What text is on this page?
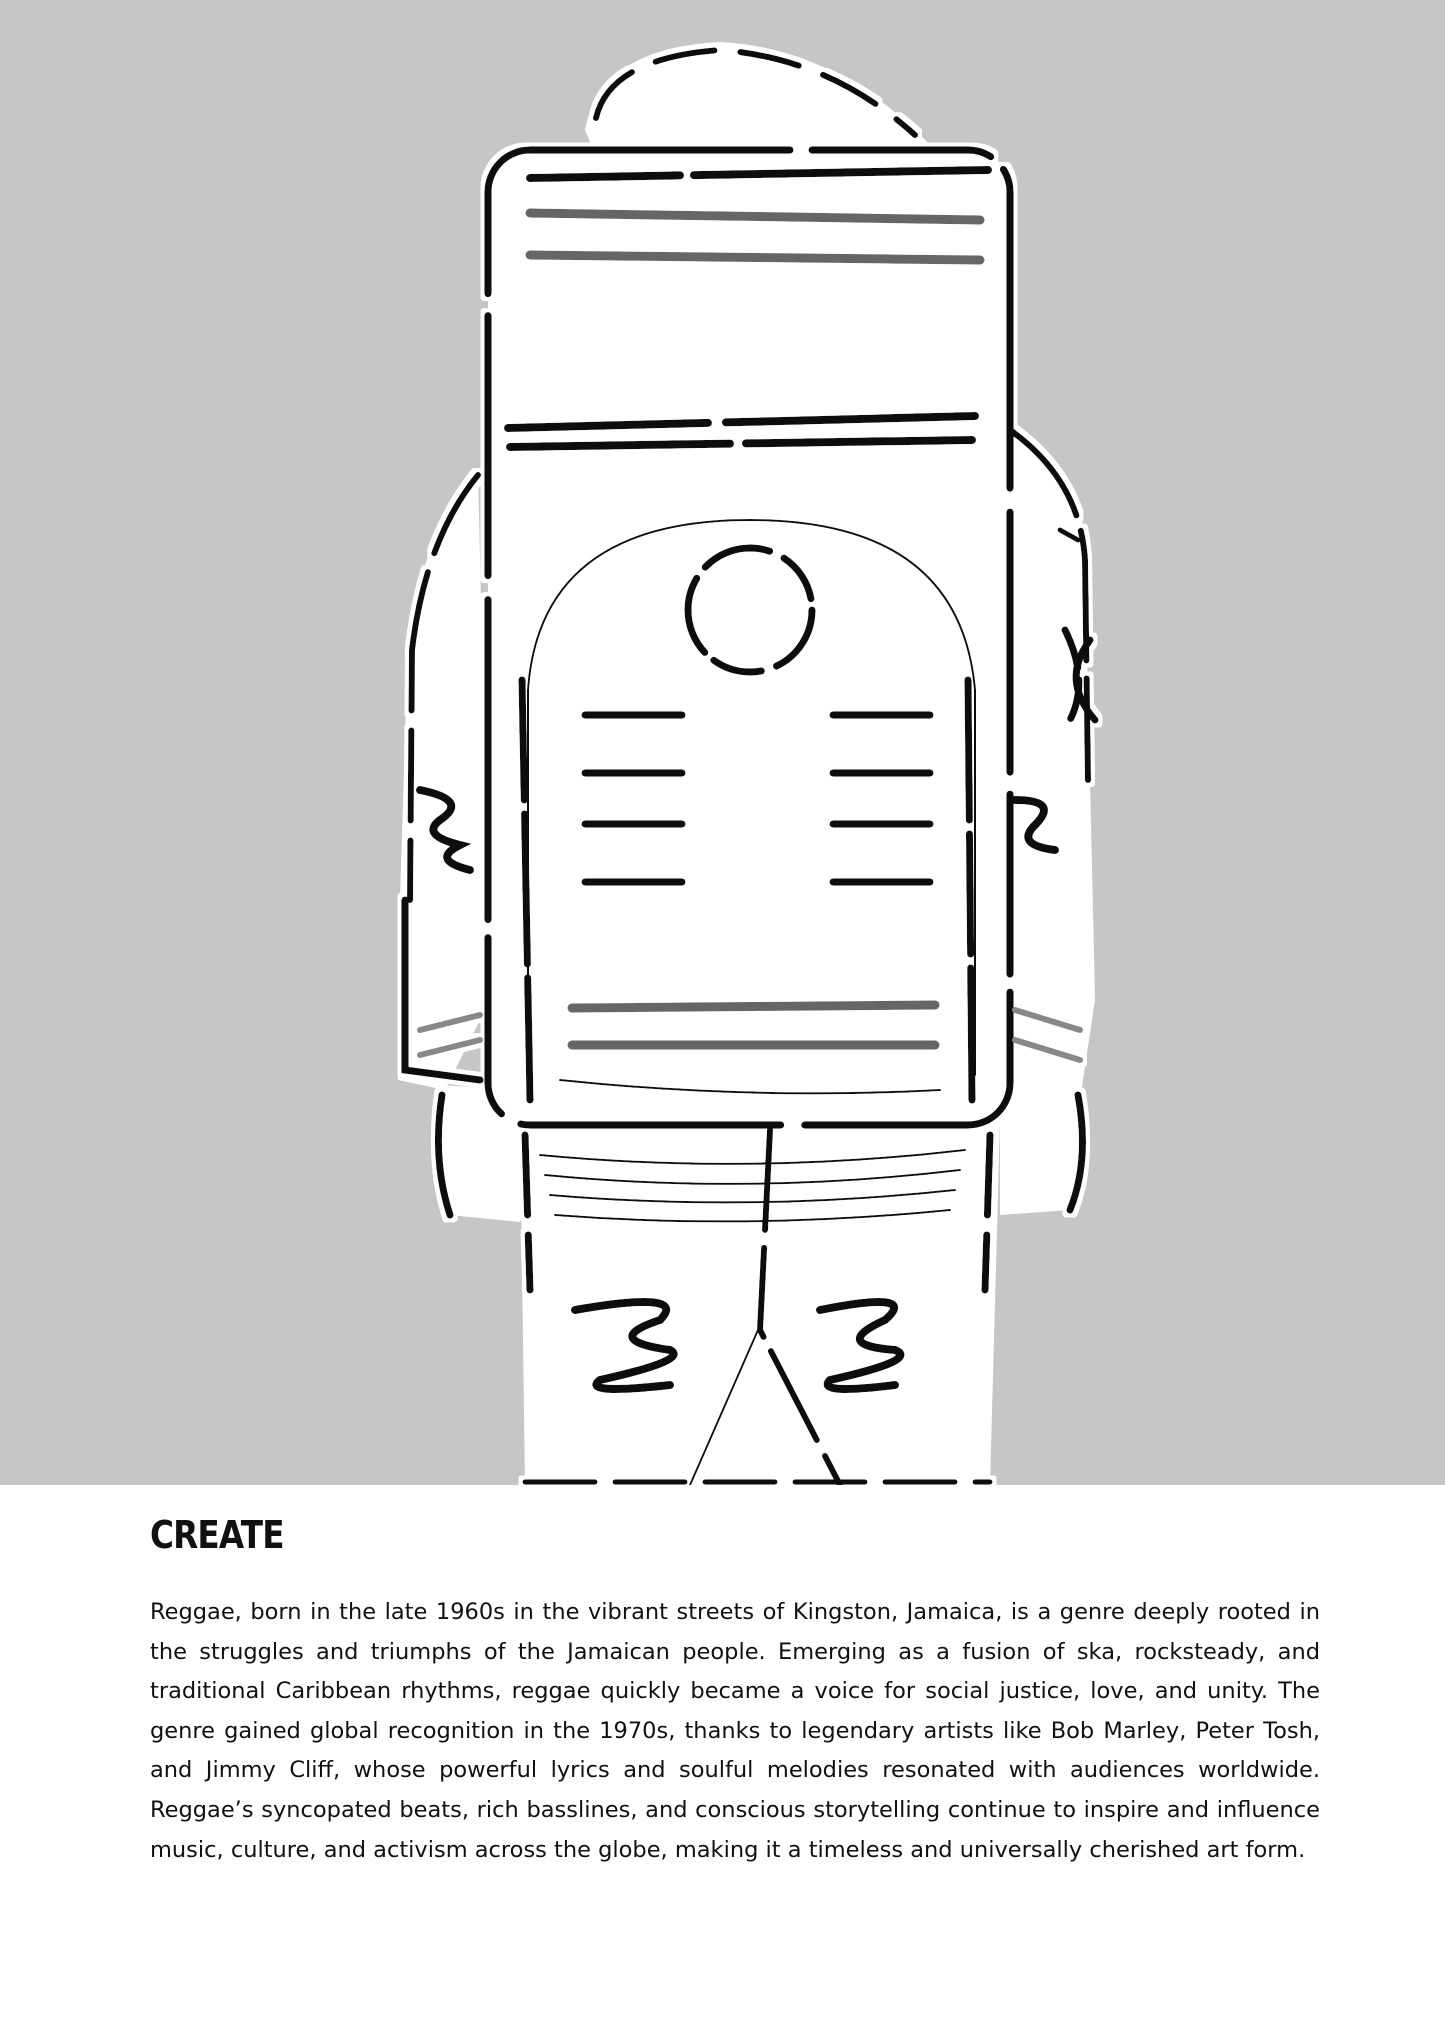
CREATE

Reggae, born in the late 1960s in the vibrant streets of Kingston, Jamaica, is a genre deeply rooted in the struggles and triumphs of the Jamaican people. Emerging as a fusion of ska, rocksteady, and traditional Caribbean rhythms, reggae quickly became a voice for social justice, love, and unity. The genre gained global recognition in the 1970s, thanks to legendary artists like Bob Marley, Peter Tosh, and Jimmy Cliff, whose powerful lyrics and soulful melodies resonated with audiences worldwide. Reggae’s syncopated beats, rich basslines, and conscious storytelling continue to inspire and influence music, culture, and activism across the globe, making it a timeless and universally cherished art form.
